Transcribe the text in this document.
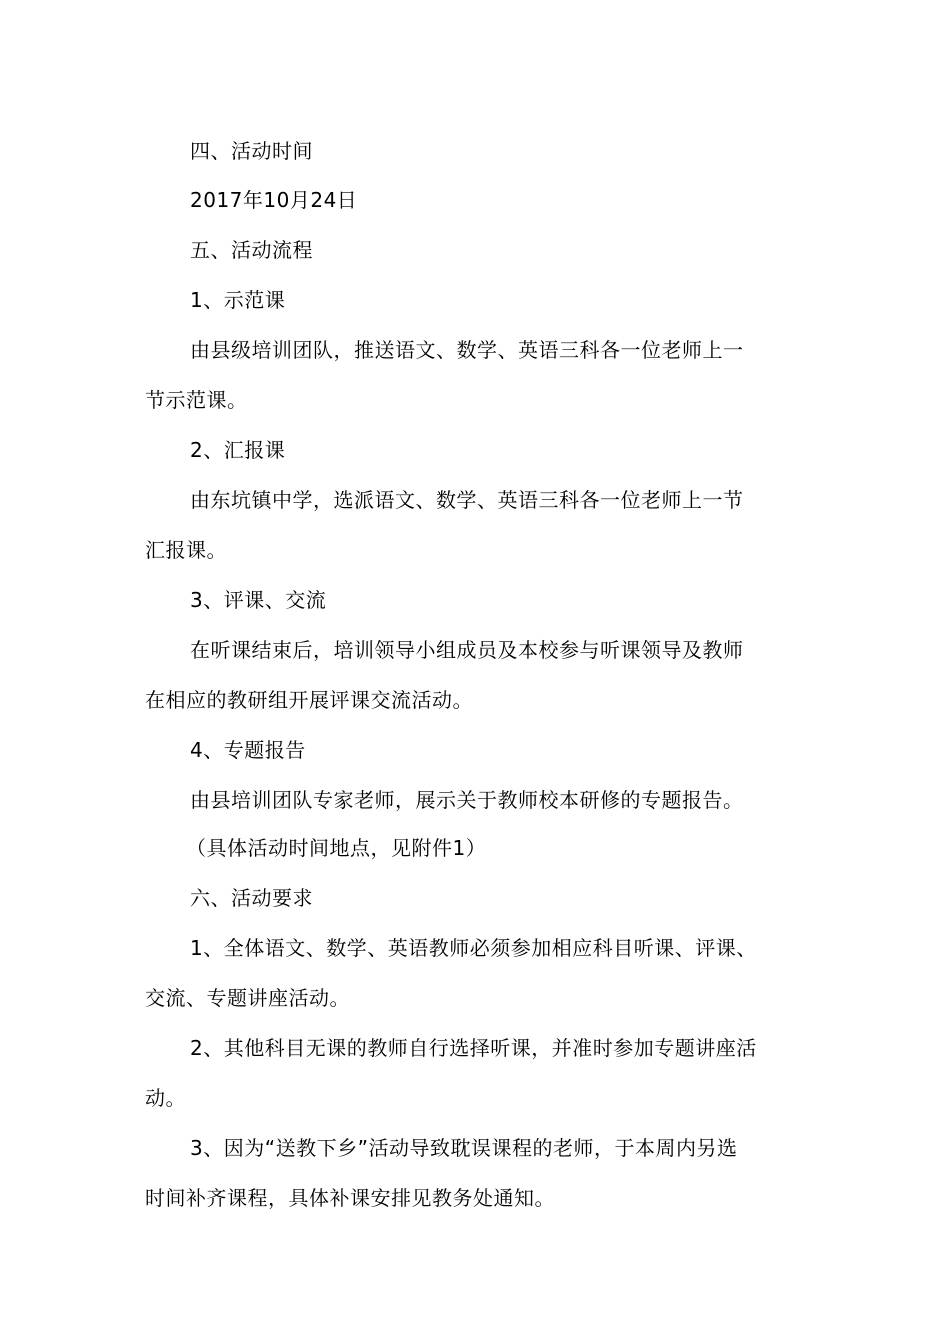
四、活动时间
2017年10月24日
五、活动流程
1、示范课
由县级培训团队，推送语文、数学、英语三科各一位老师上一
节示范课。
2、汇报课
由东坑镇中学，选派语文、数学、英语三科各一位老师上一节
汇报课。
3、评课、交流
在听课结束后，培训领导小组成员及本校参与听课领导及教师
在相应的教研组开展评课交流活动。
4、专题报告
由县培训团队专家老师，展示关于教师校本研修的专题报告。
（具体活动时间地点，见附件1）
六、活动要求
1、全体语文、数学、英语教师必须参加相应科目听课、评课、
交流、专题讲座活动。
2、其他科目无课的教师自行选择听课，并准时参加专题讲座活
动。
3、因为“送教下乡”活动导致耽误课程的老师，于本周内另选
时间补齐课程，具体补课安排见教务处通知。
